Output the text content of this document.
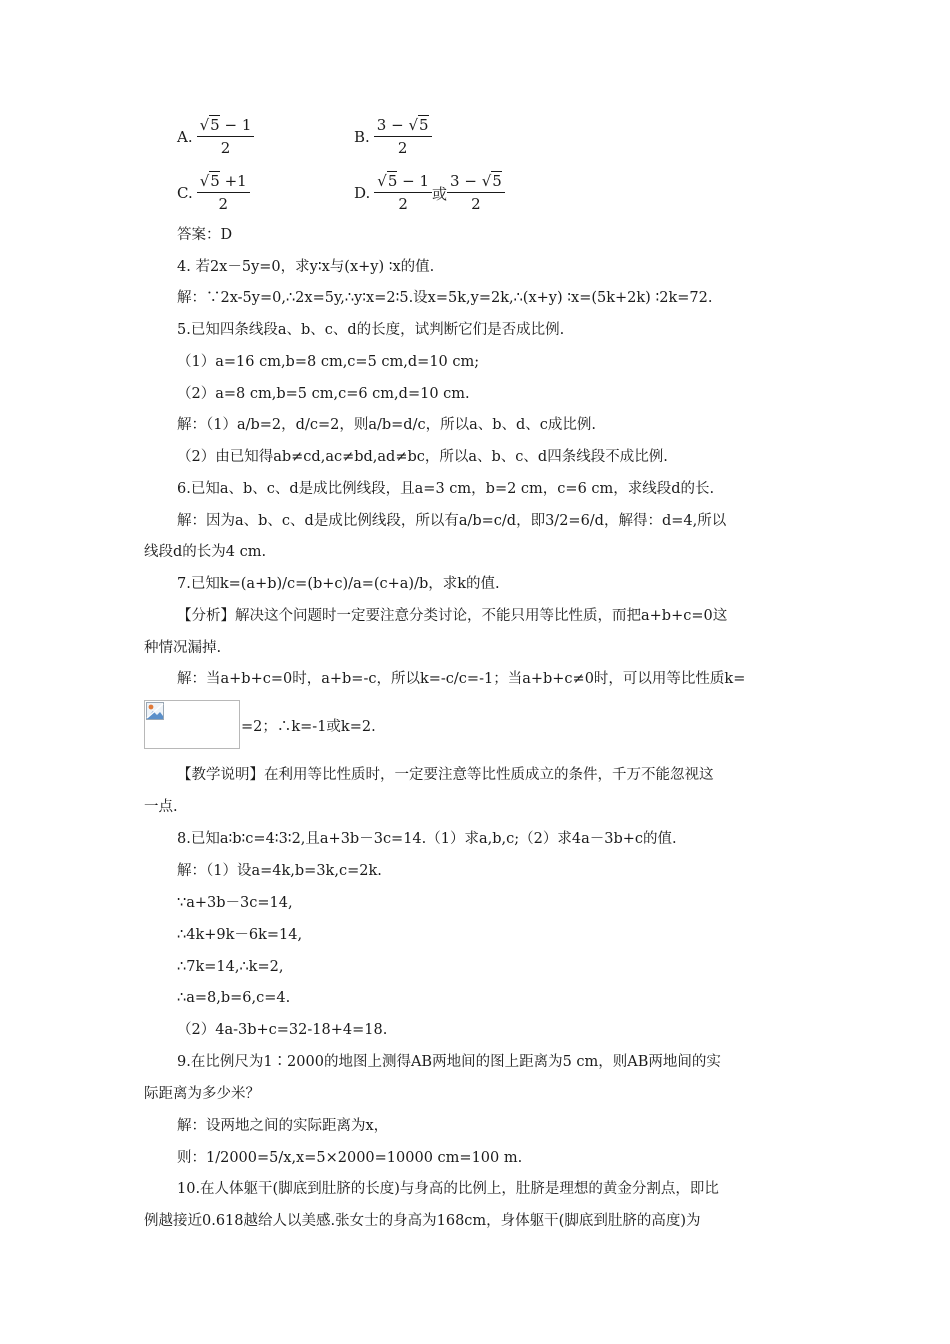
A. $\frac{√5 - 1}{2}$	B. $\frac{3 - √5}{2}$
C. $\frac{√5 +1}{2}$	D. $\frac{√5 - 1}{2}$ 或 $\frac{3 - √5}{2}$
答案：D
4. 若2x－5y=0，求y∶x与(x+y) ∶x的值.
解：∵2x-5y=0,∴2x=5y,∴y∶x=2∶5.设x=5k,y=2k,∴(x+y) ∶x=(5k+2k) ∶2k=72.
5.已知四条线段a、b、c、d的长度，试判断它们是否成比例.
（1）a=16 cm,b=8 cm,c=5 cm,d=10 cm;
（2）a=8 cm,b=5 cm,c=6 cm,d=10 cm.
解：（1）a/b=2，d/c=2，则a/b=d/c，所以a、b、d、c成比例.
（2）由已知得ab≠cd,ac≠bd,ad≠bc，所以a、b、c、d四条线段不成比例.
6.已知a、b、c、d是成比例线段，且a=3 cm，b=2 cm，c=6 cm，求线段d的长.
解：因为a、b、c、d是成比例线段，所以有a/b=c/d，即3/2=6/d，解得：d=4,所以
线段d的长为4 cm.
7.已知k=(a+b)/c=(b+c)/a=(c+a)/b，求k的值.
【分析】解决这个问题时一定要注意分类讨论，不能只用等比性质，而把a+b+c=0这
种情况漏掉.
解：当a+b+c=0时，a+b=-c，所以k=-c/c=-1；当a+b+c≠0时，可以用等比性质k=
=2；∴k=-1或k=2.
【教学说明】在利用等比性质时，一定要注意等比性质成立的条件，千万不能忽视这
一点.
8.已知a∶b∶c=4∶3∶2,且a+3b－3c=14.（1）求a,b,c;（2）求4a－3b+c的值.
解：（1）设a=4k,b=3k,c=2k.
∵a+3b－3c=14,
∴4k+9k－6k=14,
∴7k=14,∴k=2,
∴a=8,b=6,c=4.
（2）4a-3b+c=32-18+4=18.
9.在比例尺为1∶2000的地图上测得AB两地间的图上距离为5 cm，则AB两地间的实
际距离为多少米？
解：设两地之间的实际距离为x，
则：1/2000=5/x,x=5×2000=10000 cm=100 m.
10.在人体躯干(脚底到肚脐的长度)与身高的比例上，肚脐是理想的黄金分割点，即比
例越接近0.618越给人以美感.张女士的身高为168cm，身体躯干(脚底到肚脐的高度)为
